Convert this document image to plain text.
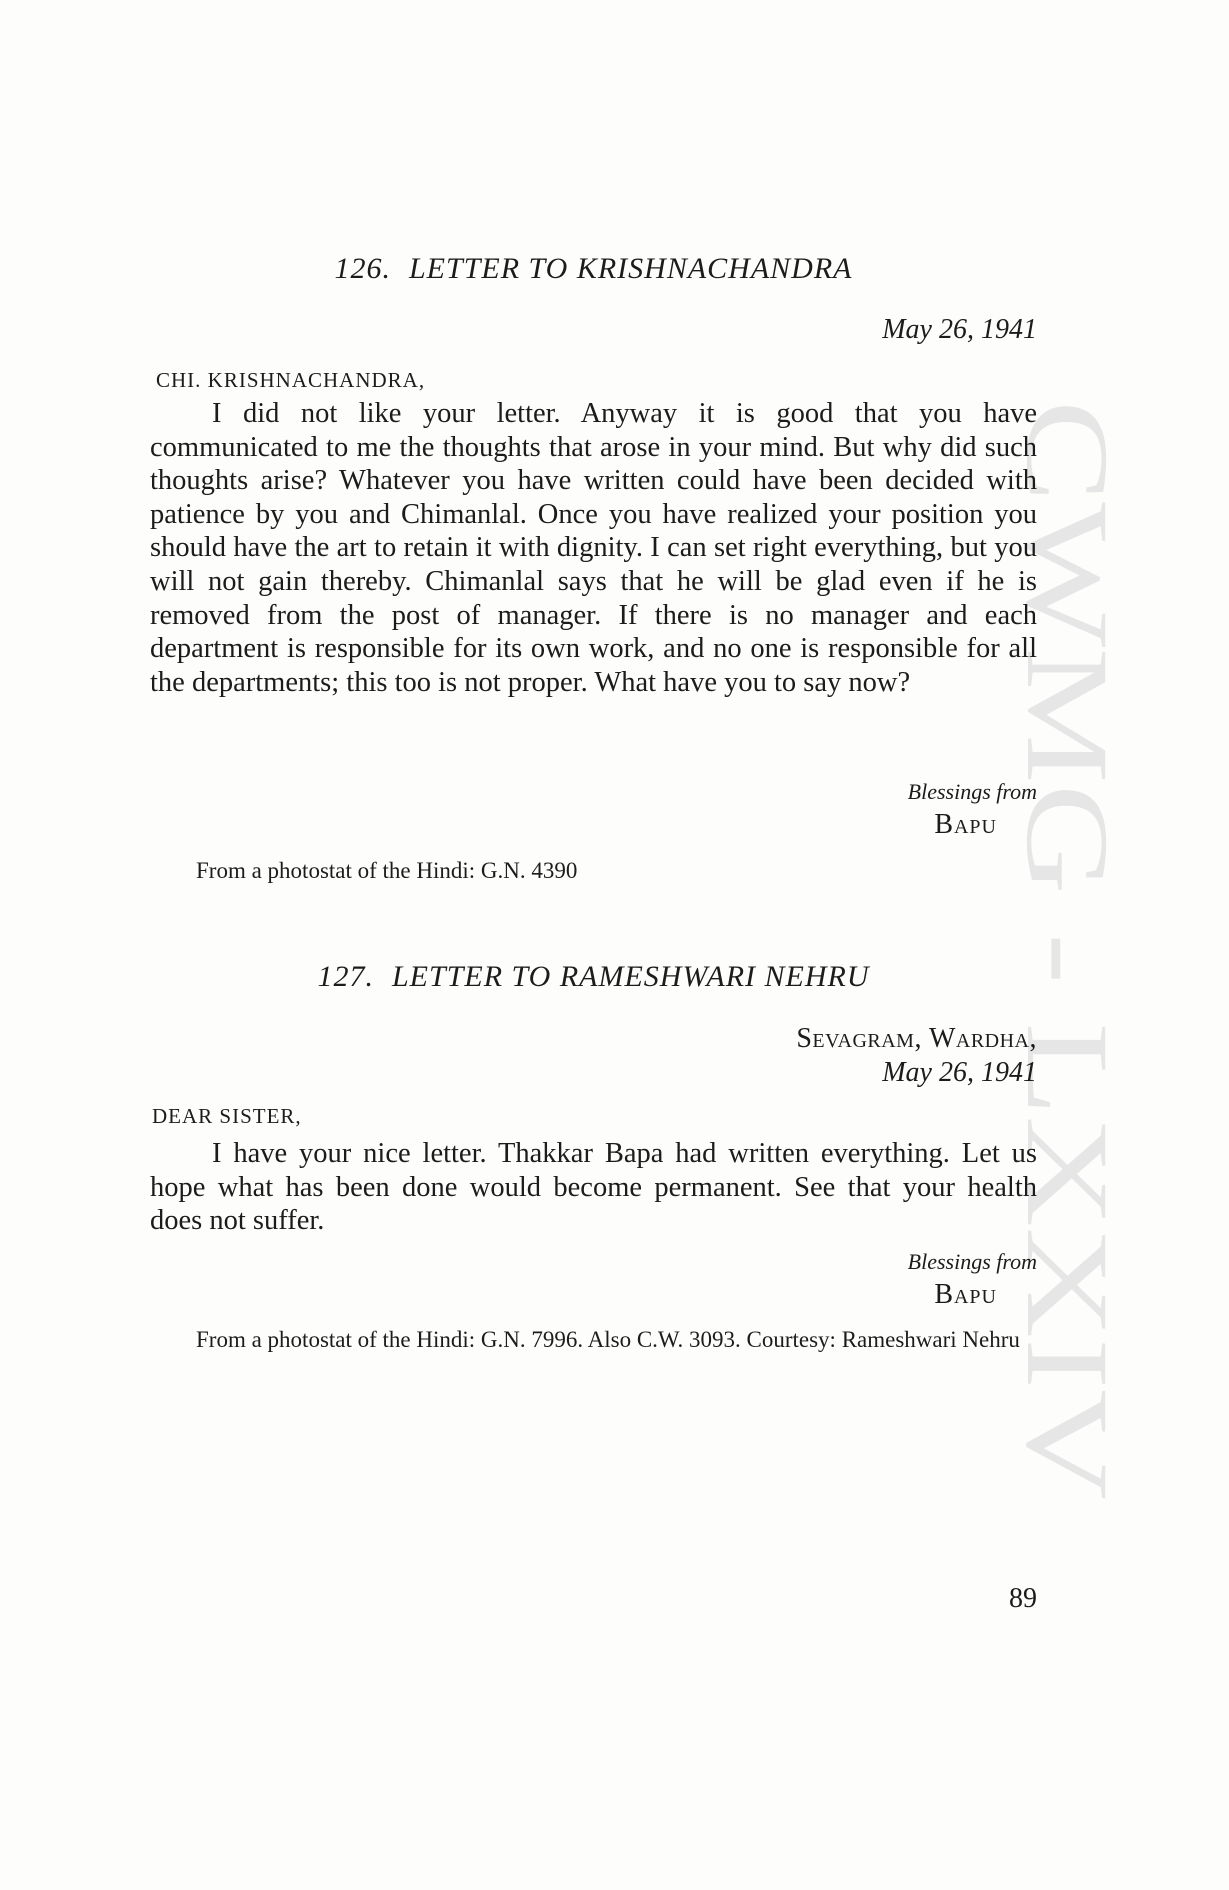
CWMG - LXXIV
126. LETTER TO KRISHNACHANDRA
May 26, 1941
CHI. KRISHNACHANDRA,

I did not like your letter. Anyway it is good that you have communicated to me the thoughts that arose in your mind. But why did such thoughts arise? Whatever you have written could have been decided with patience by you and Chimanlal. Once you have realized your position you should have the art to retain it with dignity. I can set right everything, but you will not gain thereby. Chimanlal says that he will be glad even if he is removed from the post of manager. If there is no manager and each department is responsible for its own work, and no one is responsible for all the departments; this too is not proper. What have you to say now?

Blessings from
Bapu

From a photostat of the Hindi: G.N. 4390

127. LETTER TO RAMESHWARI NEHRU
Sevagram, Wardha,
May 26, 1941
DEAR SISTER,

I have your nice letter. Thakkar Bapa had written everything. Let us hope what has been done would become permanent. See that your health does not suffer.

Blessings from
Bapu

From a photostat of the Hindi: G.N. 7996. Also C.W. 3093. Courtesy: Rameshwari Nehru

89
